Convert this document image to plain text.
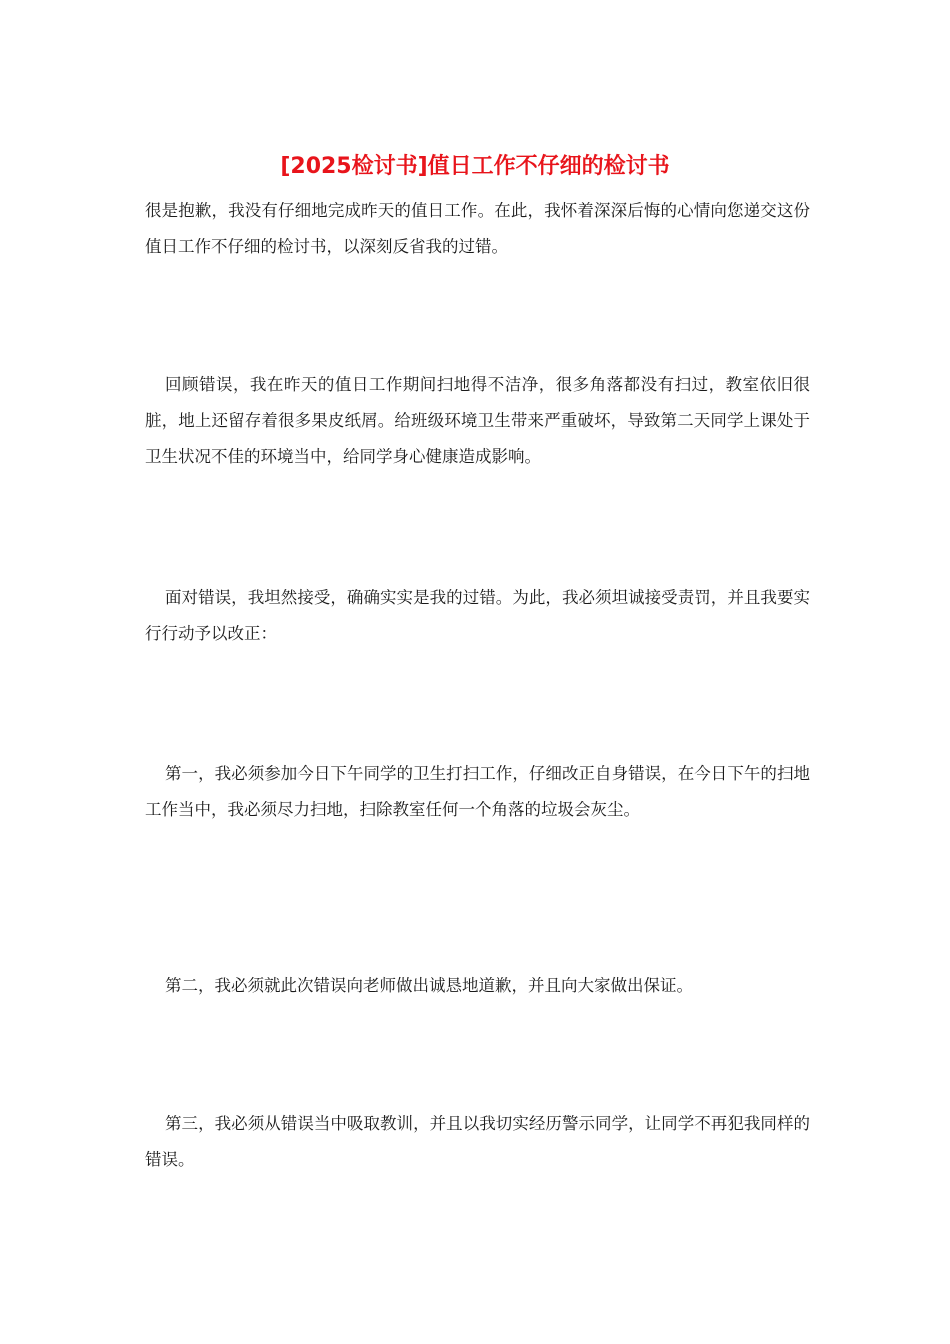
[2025检讨书]值日工作不仔细的检讨书

很是抱歉，我没有仔细地完成昨天的值日工作。在此，我怀着深深后悔的心情向您递交这份值日工作不仔细的检讨书，以深刻反省我的过错。

回顾错误，我在昨天的值日工作期间扫地得不洁净，很多角落都没有扫过，教室依旧很脏，地上还留存着很多果皮纸屑。给班级环境卫生带来严重破坏，导致第二天同学上课处于卫生状况不佳的环境当中，给同学身心健康造成影响。

面对错误，我坦然接受，确确实实是我的过错。为此，我必须坦诚接受责罚，并且我要实行行动予以改正：

第一，我必须参加今日下午同学的卫生打扫工作，仔细改正自身错误，在今日下午的扫地工作当中，我必须尽力扫地，扫除教室任何一个角落的垃圾会灰尘。

第二，我必须就此次错误向老师做出诚恳地道歉，并且向大家做出保证。

第三，我必须从错误当中吸取教训，并且以我切实经历警示同学，让同学不再犯我同样的错误。
